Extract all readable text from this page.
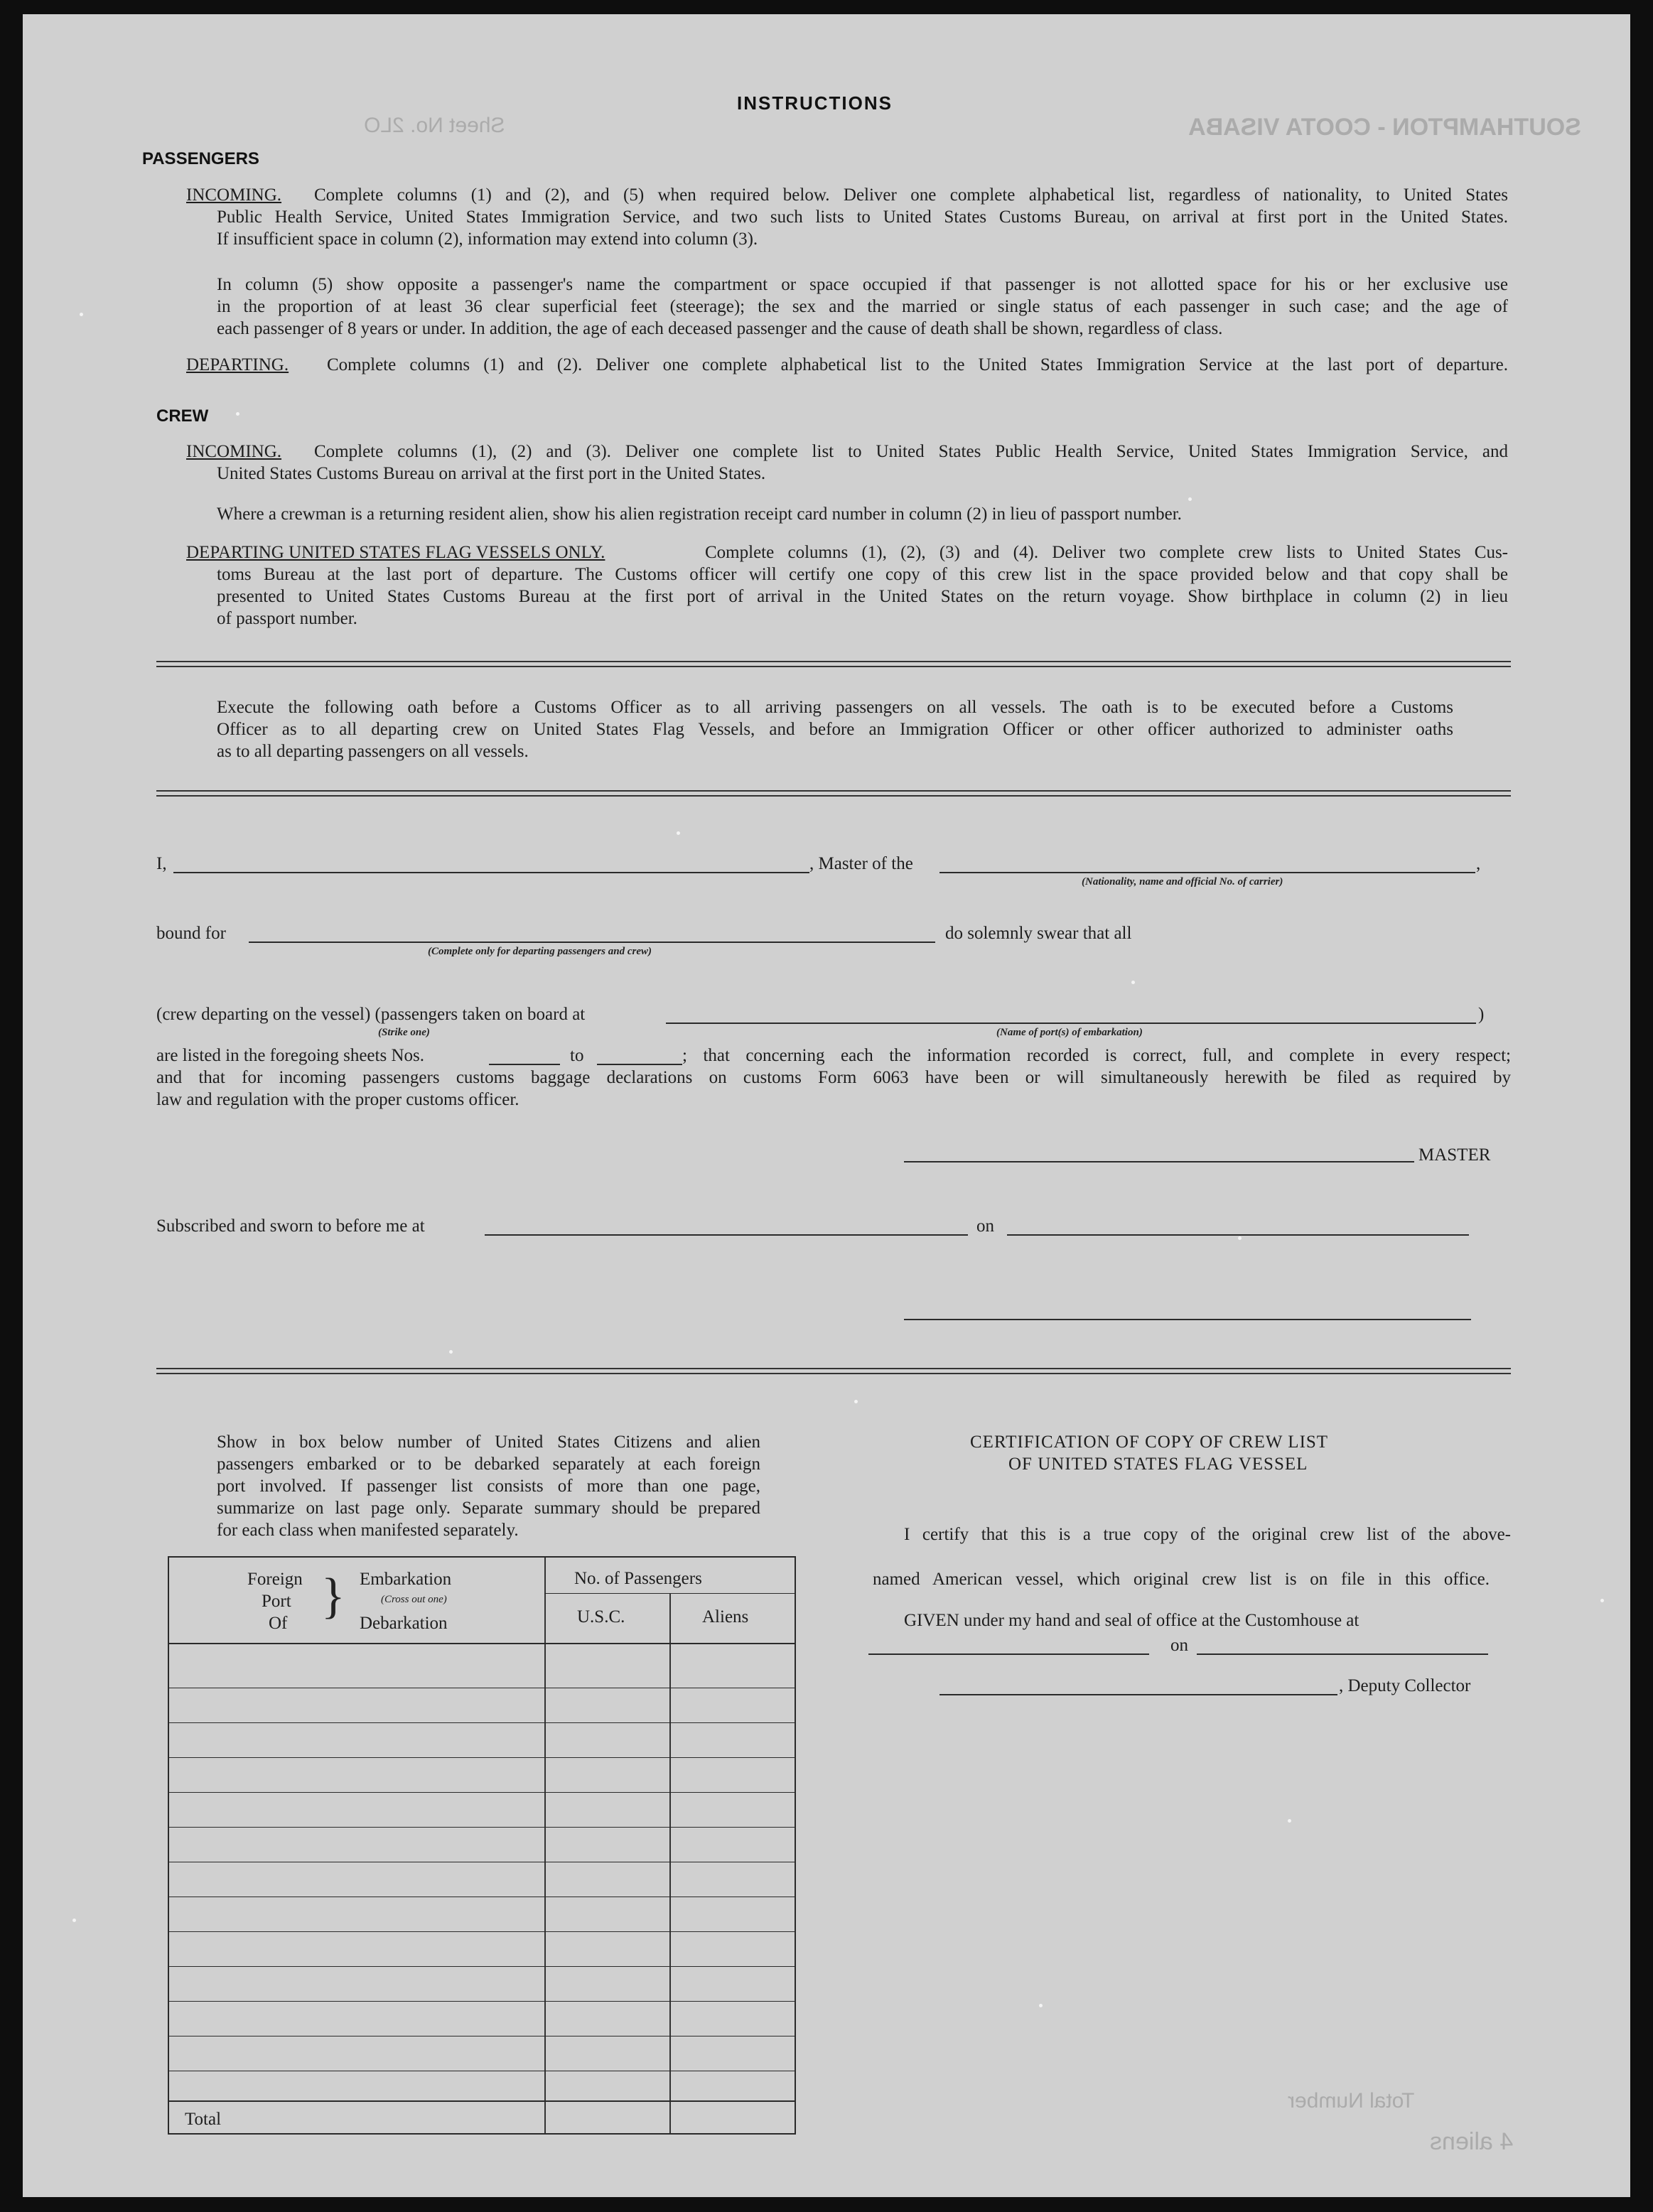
SOUTHAMPTON - COOTA VISABA
Sheet No. 2LO
Total Number
4 aliens
INSTRUCTIONS
PASSENGERS
INCOMING. Complete columns (1) and (2), and (5) when required below. Deliver one complete alphabetical list, regardless of nationality, to United States
Public Health Service, United States Immigration Service, and two such lists to United States Customs Bureau, on arrival at first port in the United States.
If insufficient space in column (2), information may extend into column (3).
In column (5) show opposite a passenger's name the compartment or space occupied if that passenger is not allotted space for his or her exclusive use
in the proportion of at least 36 clear superficial feet (steerage); the sex and the married or single status of each passenger in such case; and the age of
each passenger of 8 years or under. In addition, the age of each deceased passenger and the cause of death shall be shown, regardless of class.
DEPARTING. Complete columns (1) and (2). Deliver one complete alphabetical list to the United States Immigration Service at the last port of departure.
CREW
INCOMING. Complete columns (1), (2) and (3). Deliver one complete list to United States Public Health Service, United States Immigration Service, and
United States Customs Bureau on arrival at the first port in the United States.
Where a crewman is a returning resident alien, show his alien registration receipt card number in column (2) in lieu of passport number.
DEPARTING UNITED STATES FLAG VESSELS ONLY.	Complete columns (1), (2), (3) and (4). Deliver two complete crew lists to United States Cus-
toms Bureau at the last port of departure. The Customs officer will certify one copy of this crew list in the space provided below and that copy shall be
presented to United States Customs Bureau at the first port of arrival in the United States on the return voyage. Show birthplace in column (2) in lieu
of passport number.
Execute the following oath before a Customs Officer as to all arriving passengers on all vessels. The oath is to be executed before a Customs
Officer as to all departing crew on United States Flag Vessels, and before an Immigration Officer or other officer authorized to administer oaths
as to all departing passengers on all vessels.
I,	, Master of the	,
(Nationality, name and official No. of carrier)
bound for
(Complete only for departing passengers and crew)
do solemnly swear that all
(crew departing on the vessel) (passengers taken on board at
(Strike one)
)
(Name of port(s) of embarkation)
are listed in the foregoing sheets Nos.	to	; that concerning each the information recorded is correct, full, and complete in every respect;
and that for incoming passengers customs baggage declarations on customs Form 6063 have been or will simultaneously herewith be filed as required by
law and regulation with the proper customs officer.
MASTER
Subscribed and sworn to before me at	on
Show in box below number of United States Citizens and alien
passengers embarked or to be debarked separately at each foreign
port involved. If passenger list consists of more than one page,
summarize on last page only. Separate summary should be prepared
for each class when manifested separately.
Foreign
Port
Of } Embarkation
(Cross out one)
Debarkation
No. of Passengers
U.S.C.	Aliens
Total
CERTIFICATION OF COPY OF CREW LIST
OF UNITED STATES FLAG VESSEL
I certify that this is a true copy of the original crew list of the above-
named American vessel, which original crew list is on file in this office.
GIVEN under my hand and seal of office at the Customhouse at
on
, Deputy Collector
